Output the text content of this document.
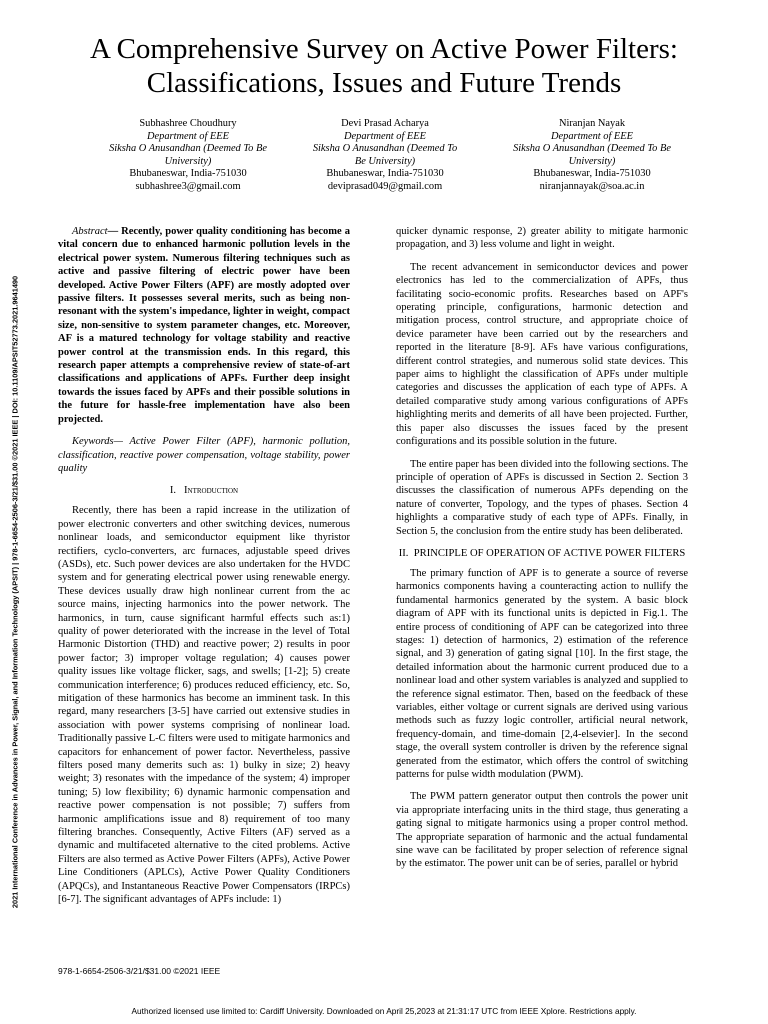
A Comprehensive Survey on Active Power Filters:
Classifications, Issues and Future Trends
Subhashree Choudhury
Department of EEE
Siksha O Anusandhan (Deemed To Be
University)
Bhubaneswar, India-751030
subhashree3@gmail.com
Devi Prasad Acharya
Department of EEE
Siksha O Anusandhan (Deemed To
Be University)
Bhubaneswar, India-751030
deviprasad049@gmail.com
Niranjan Nayak
Department of EEE
Siksha O Anusandhan (Deemed To Be
University)
Bhubaneswar, India-751030
niranjannayak@soa.ac.in
2021 International Conference in Advances in Power, Signal, and Information Technology (APSIT) | 978-1-6654-2506-3/21/$31.00 ©2021 IEEE | DOI: 10.1109/APSIT52773.2021.9641490

Abstract— Recently, power quality conditioning has become a vital concern due to enhanced harmonic pollution levels in the electrical power system. Numerous filtering techniques such as active and passive filtering of electric power have been developed. Active Power Filters (APF) are mostly adopted over passive filters. It possesses several merits, such as being non-resonant with the system's impedance, lighter in weight, compact size, non-sensitive to system parameter changes, etc. Moreover, AF is a matured technology for voltage stability and reactive power control at the transmission ends. In this regard, this research paper attempts a comprehensive review of state-of-art classifications and applications of APFs. Further deep insight towards the issues faced by APFs and their possible solutions in the future for hassle-free implementation have also been projected.

Keywords— Active Power Filter (APF), harmonic pollution, classification, reactive power compensation, voltage stability, power quality

I. Introduction

Recently, there has been a rapid increase in the utilization of power electronic converters and other switching devices, numerous nonlinear loads, and semiconductor equipment like thyristor rectifiers, cyclo-converters, arc furnaces, adjustable speed drives (ASDs), etc. Such power devices are also undertaken for the HVDC system and for generating electrical power using renewable energy. These devices usually draw high nonlinear current from the ac source mains, injecting harmonics into the power network. The harmonics, in turn, cause significant harmful effects such as:1) quality of power deteriorated with the increase in the level of Total Harmonic Distortion (THD) and reactive power; 2) results in poor power factor; 3) improper voltage regulation; 4) causes power quality issues like voltage flicker, sags, and swells; [1-2]; 5) create communication interference; 6) produces reduced efficiency, etc. So, mitigation of these harmonics has become an imminent task. In this regard, many researchers [3-5] have carried out extensive studies in association with power systems comprising of nonlinear load. Traditionally passive L-C filters were used to mitigate harmonics and capacitors for enhancement of power factor. Nevertheless, passive filters posed many demerits such as: 1) bulky in size; 2) heavy weight; 3) resonates with the impedance of the system; 4) improper tuning; 5) low flexibility; 6) dynamic harmonic compensation and reactive power compensation is not possible; 7) suffers from harmonic amplifications issue and 8) requirement of too many filtering branches. Consequently, Active Filters (AF) served as a dynamic and multifaceted alternative to the cited problems. Active Filters are also termed as Active Power Filters (APFs), Active Power Line Conditioners (APLCs), Active Power Quality Conditioners (APQCs), and Instantaneous Reactive Power Compensators (IRPCs) [6-7]. The significant advantages of APFs include: 1)

quicker dynamic response, 2) greater ability to mitigate harmonic propagation, and 3) less volume and light in weight.

The recent advancement in semiconductor devices and power electronics has led to the commercialization of APFs, thus facilitating socio-economic profits. Researches based on APF's operating principle, configurations, harmonic detection and mitigation process, control structure, and appropriate choice of device parameter have been carried out by the researchers and reported in the literature [8-9]. AFs have various configurations, different control strategies, and numerous solid state devices. This paper aims to highlight the classification of APFs under multiple categories and discusses the application of each type of APFs. A detailed comparative study among various configurations of APFs highlighting merits and demerits of all have been projected. Further, this paper also discusses the issues faced by the present configurations and its possible solution in the future.

The entire paper has been divided into the following sections. The principle of operation of APFs is discussed in Section 2. Section 3 discusses the classification of numerous APFs depending on the nature of converter, Topology, and the types of phases. Section 4 highlights a comparative study of each type of APFs. Finally, in Section 5, the conclusion from the entire study has been deliberated.

II. PRINCIPLE OF OPERATION OF ACTIVE POWER FILTERS

The primary function of APF is to generate a source of reverse harmonics components having a counteracting action to nullify the fundamental harmonics generated by the system. A basic block diagram of APF with its functional units is depicted in Fig.1. The entire process of conditioning of APF can be categorized into three stages: 1) detection of harmonics, 2) estimation of the reference signal, and 3) generation of gating signal [10]. In the first stage, the detailed information about the harmonic current produced due to a nonlinear load and other system variables is analyzed and supplied to the reference signal estimator. Then, based on the feedback of these variables, either voltage or current signals are derived using various methods such as fuzzy logic controller, artificial neural network, frequency-domain, and time-domain [2,4-elsevier]. In the second stage, the overall system controller is driven by the reference signal generated from the estimator, which offers the control of switching patterns for pulse width modulation (PWM).

The PWM pattern generator output then controls the power unit via appropriate interfacing units in the third stage, thus generating a gating signal to mitigate harmonics using a proper control method. The appropriate separation of harmonic and the actual fundamental sine wave can be facilitated by proper selection of reference signal by the estimator. The power unit can be of series, parallel or hybrid

978-1-6654-2506-3/21/$31.00 ©2021 IEEE
Authorized licensed use limited to: Cardiff University. Downloaded on April 25,2023 at 21:31:17 UTC from IEEE Xplore. Restrictions apply.
